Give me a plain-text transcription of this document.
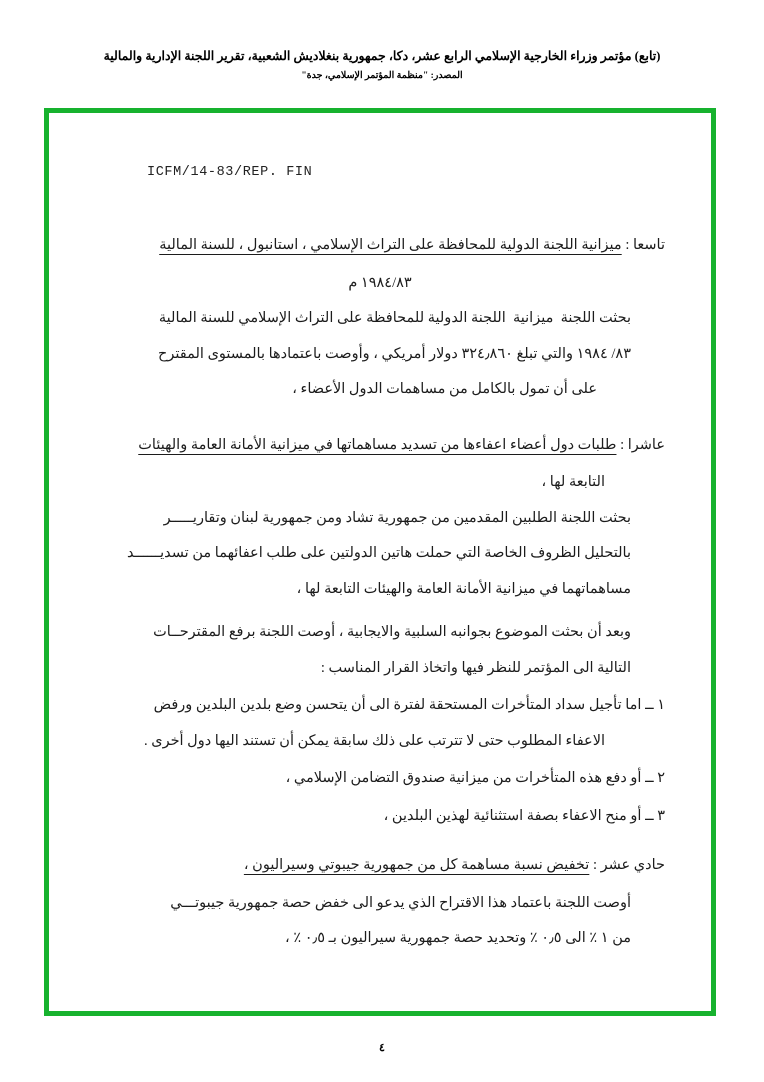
(تابع) مؤتمر وزراء الخارجية الإسلامي الرابع عشر، دكا، جمهورية بنغلاديش الشعبية، تقرير اللجنة الإدارية والمالية
المصدر: "منظمة المؤتمر الإسلامي، جدة"
ICFM/14-83/REP. FIN
تاسعا : ميزانية اللجنة الدولية للمحافظة على التراث الإسلامي ، استانبول ، للسنة المالية
١٩٨٤/٨٣ م
بحثت اللجنة  ميزانية  اللجنة الدولية للمحافظة على التراث الإسلامي للسنة المالية
٨٣/ ١٩٨٤ والتي تبلغ ٣٢٤٫٨٦٠ دولار أمريكي ، وأوصت باعتمادها بالمستوى المقترح
على أن تمول بالكامل من مساهمات الدول الأعضاء ،
عاشرا : طلبات دول أعضاء اعفاءها من تسديد مساهماتها في ميزانية الأمانة العامة والهيئات
التابعة لها ،
بحثت اللجنة الطلبين المقدمين من جمهورية تشاد ومن جمهورية لبنان وتقاريـــــر
بالتحليل الظروف الخاصة التي حملت هاتين الدولتين على طلب اعفائهما من تسديــــــد
مساهماتهما في ميزانية الأمانة العامة والهيئات التابعة لها ،
وبعد أن بحثت الموضوع بجوانبه السلبية والايجابية ، أوصت اللجنة برفع المقترحــات
التالية الى المؤتمر للنظر فيها واتخاذ القرار المناسب :
١ ــ اما تأجيل سداد المتأخرات المستحقة لفترة الى أن يتحسن وضع بلدين البلدين ورفض
الاعفاء المطلوب حتى لا تترتب على ذلك سابقة يمكن أن تستند اليها دول أخرى .
٢ ــ أو دفع هذه المتأخرات من ميزانية صندوق التضامن الإسلامي ،
٣ ــ أو منح الاعفاء بصفة استثنائية لهذين البلدين ،
حادي عشر : تخفيض نسبة مساهمة كل من جمهورية جيبوتي وسيراليون ،
أوصت اللجنة باعتماد هذا الاقتراح الذي يدعو الى خفض حصة جمهورية جيبوتـــي
من ١ ٪ الى ٠٫٥ ٪ وتحديد حصة جمهورية سيراليون بـ ٠٫٥ ٪ ،
٤
